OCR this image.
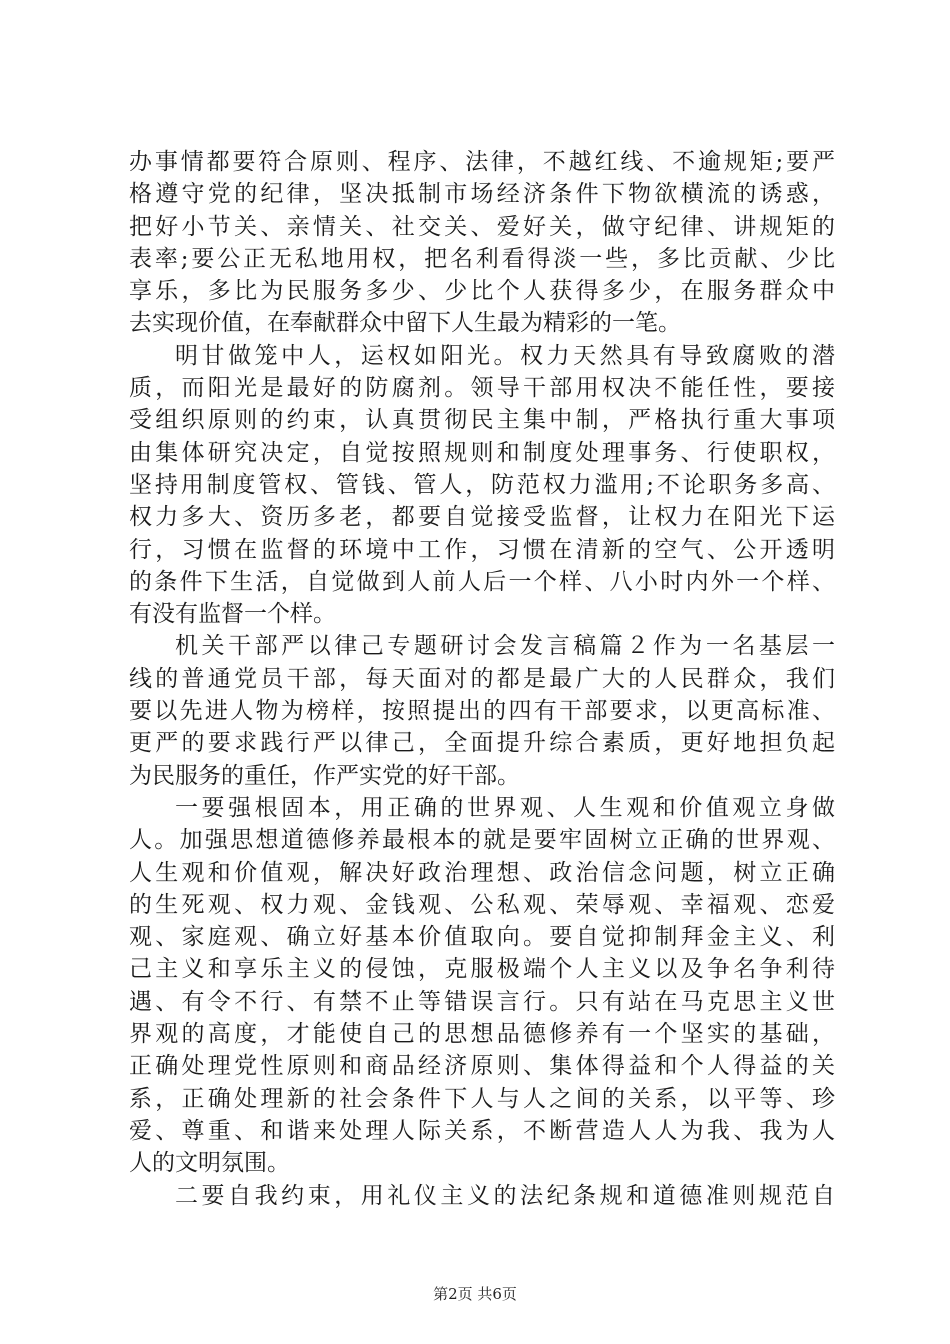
办事情都要符合原则、程序、法律，不越红线、不逾规矩;要严
格遵守党的纪律，坚决抵制市场经济条件下物欲横流的诱惑，
把好小节关、亲情关、社交关、爱好关，做守纪律、讲规矩的
表率;要公正无私地用权，把名利看得淡一些，多比贡献、少比
享乐，多比为民服务多少、少比个人获得多少，在服务群众中
去实现价值，在奉献群众中留下人生最为精彩的一笔。
明甘做笼中人，运权如阳光。权力天然具有导致腐败的潜
质，而阳光是最好的防腐剂。领导干部用权决不能任性，要接
受组织原则的约束，认真贯彻民主集中制，严格执行重大事项
由集体研究决定，自觉按照规则和制度处理事务、行使职权，
坚持用制度管权、管钱、管人，防范权力滥用;不论职务多高、
权力多大、资历多老，都要自觉接受监督，让权力在阳光下运
行，习惯在监督的环境中工作，习惯在清新的空气、公开透明
的条件下生活，自觉做到人前人后一个样、八小时内外一个样、
有没有监督一个样。
机关干部严以律己专题研讨会发言稿篇２作为一名基层一
线的普通党员干部，每天面对的都是最广大的人民群众，我们
要以先进人物为榜样，按照提出的四有干部要求，以更高标准、
更严的要求践行严以律己，全面提升综合素质，更好地担负起
为民服务的重任，作严实党的好干部。
一要强根固本，用正确的世界观、人生观和价值观立身做
人。加强思想道德修养最根本的就是要牢固树立正确的世界观、
人生观和价值观，解决好政治理想、政治信念问题，树立正确
的生死观、权力观、金钱观、公私观、荣辱观、幸福观、恋爱
观、家庭观、确立好基本价值取向。要自觉抑制拜金主义、利
己主义和享乐主义的侵蚀，克服极端个人主义以及争名争利待
遇、有令不行、有禁不止等错误言行。只有站在马克思主义世
界观的高度，才能使自己的思想品德修养有一个坚实的基础，
正确处理党性原则和商品经济原则、集体得益和个人得益的关
系，正确处理新的社会条件下人与人之间的关系，以平等、珍
爱、尊重、和谐来处理人际关系，不断营造人人为我、我为人
人的文明氛围。
二要自我约束，用礼仪主义的法纪条规和道德准则规范自
第2页 共6页
